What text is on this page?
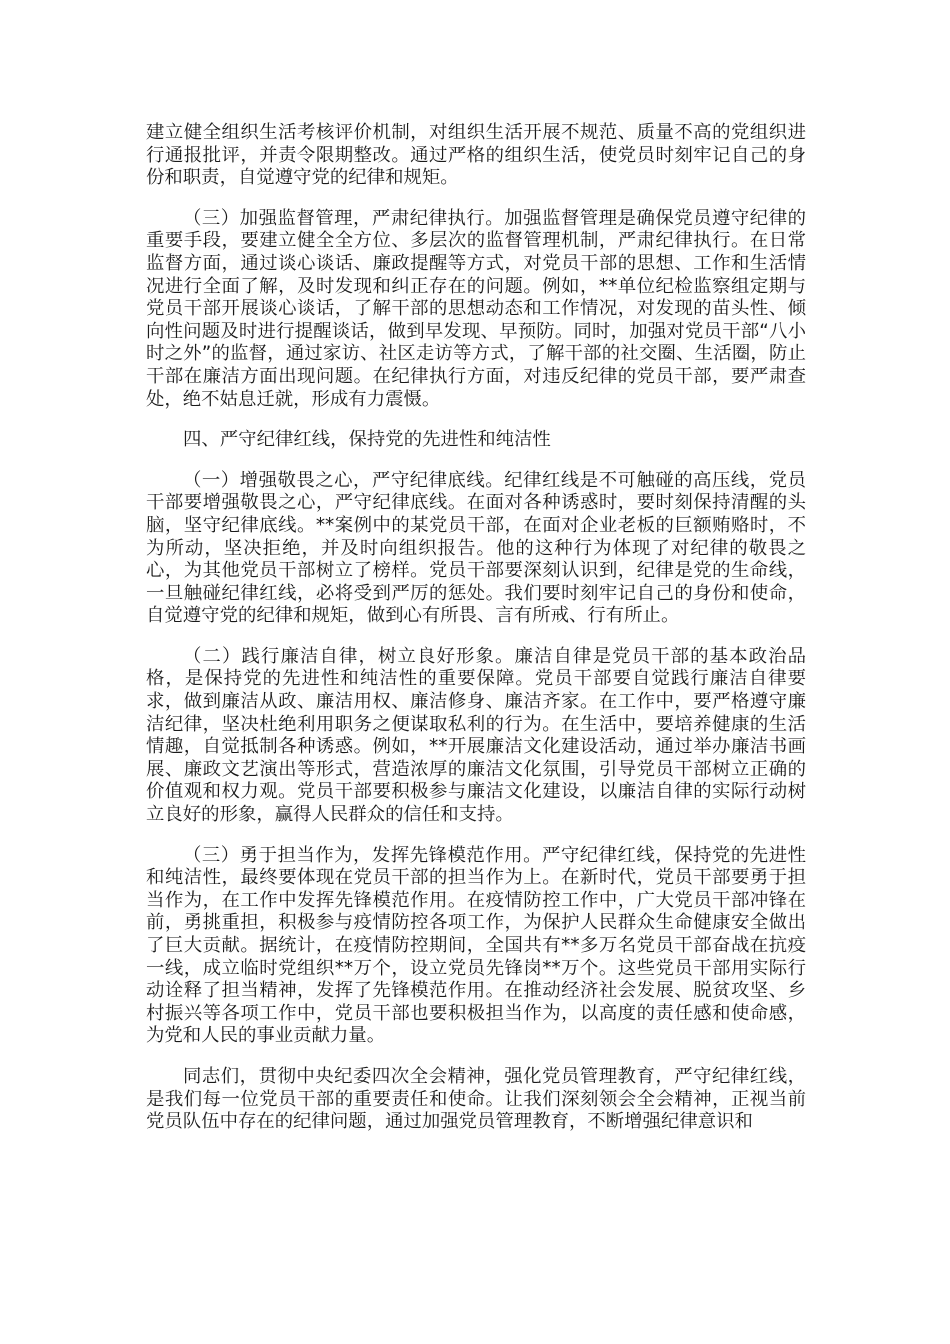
建立健全组织生活考核评价机制，对组织生活开展不规范、质量不高的党组织进行通报批评，并责令限期整改。通过严格的组织生活，使党员时刻牢记自己的身份和职责，自觉遵守党的纪律和规矩。

（三）加强监督管理，严肃纪律执行。加强监督管理是确保党员遵守纪律的重要手段，要建立健全全方位、多层次的监督管理机制，严肃纪律执行。在日常监督方面，通过谈心谈话、廉政提醒等方式，对党员干部的思想、工作和生活情况进行全面了解，及时发现和纠正存在的问题。例如，**单位纪检监察组定期与党员干部开展谈心谈话，了解干部的思想动态和工作情况，对发现的苗头性、倾向性问题及时进行提醒谈话，做到早发现、早预防。同时，加强对党员干部“八小时之外”的监督，通过家访、社区走访等方式，了解干部的社交圈、生活圈，防止干部在廉洁方面出现问题。在纪律执行方面，对违反纪律的党员干部，要严肃查处，绝不姑息迁就，形成有力震慑。

四、严守纪律红线，保持党的先进性和纯洁性

（一）增强敬畏之心，严守纪律底线。纪律红线是不可触碰的高压线，党员干部要增强敬畏之心，严守纪律底线。在面对各种诱惑时，要时刻保持清醒的头脑，坚守纪律底线。**案例中的某党员干部，在面对企业老板的巨额贿赂时，不为所动，坚决拒绝，并及时向组织报告。他的这种行为体现了对纪律的敬畏之心，为其他党员干部树立了榜样。党员干部要深刻认识到，纪律是党的生命线，一旦触碰纪律红线，必将受到严厉的惩处。我们要时刻牢记自己的身份和使命，自觉遵守党的纪律和规矩，做到心有所畏、言有所戒、行有所止。

（二）践行廉洁自律，树立良好形象。廉洁自律是党员干部的基本政治品格，是保持党的先进性和纯洁性的重要保障。党员干部要自觉践行廉洁自律要求，做到廉洁从政、廉洁用权、廉洁修身、廉洁齐家。在工作中，要严格遵守廉洁纪律，坚决杜绝利用职务之便谋取私利的行为。在生活中，要培养健康的生活情趣，自觉抵制各种诱惑。例如，**开展廉洁文化建设活动，通过举办廉洁书画展、廉政文艺演出等形式，营造浓厚的廉洁文化氛围，引导党员干部树立正确的价值观和权力观。党员干部要积极参与廉洁文化建设，以廉洁自律的实际行动树立良好的形象，赢得人民群众的信任和支持。

（三）勇于担当作为，发挥先锋模范作用。严守纪律红线，保持党的先进性和纯洁性，最终要体现在党员干部的担当作为上。在新时代，党员干部要勇于担当作为，在工作中发挥先锋模范作用。在疫情防控工作中，广大党员干部冲锋在前，勇挑重担，积极参与疫情防控各项工作，为保护人民群众生命健康安全做出了巨大贡献。据统计，在疫情防控期间，全国共有**多万名党员干部奋战在抗疫一线，成立临时党组织**万个，设立党员先锋岗**万个。这些党员干部用实际行动诠释了担当精神，发挥了先锋模范作用。在推动经济社会发展、脱贫攻坚、乡村振兴等各项工作中，党员干部也要积极担当作为，以高度的责任感和使命感，为党和人民的事业贡献力量。

同志们，贯彻中央纪委四次全会精神，强化党员管理教育，严守纪律红线，是我们每一位党员干部的重要责任和使命。让我们深刻领会全会精神，正视当前党员队伍中存在的纪律问题，通过加强党员管理教育，不断增强纪律意识和
